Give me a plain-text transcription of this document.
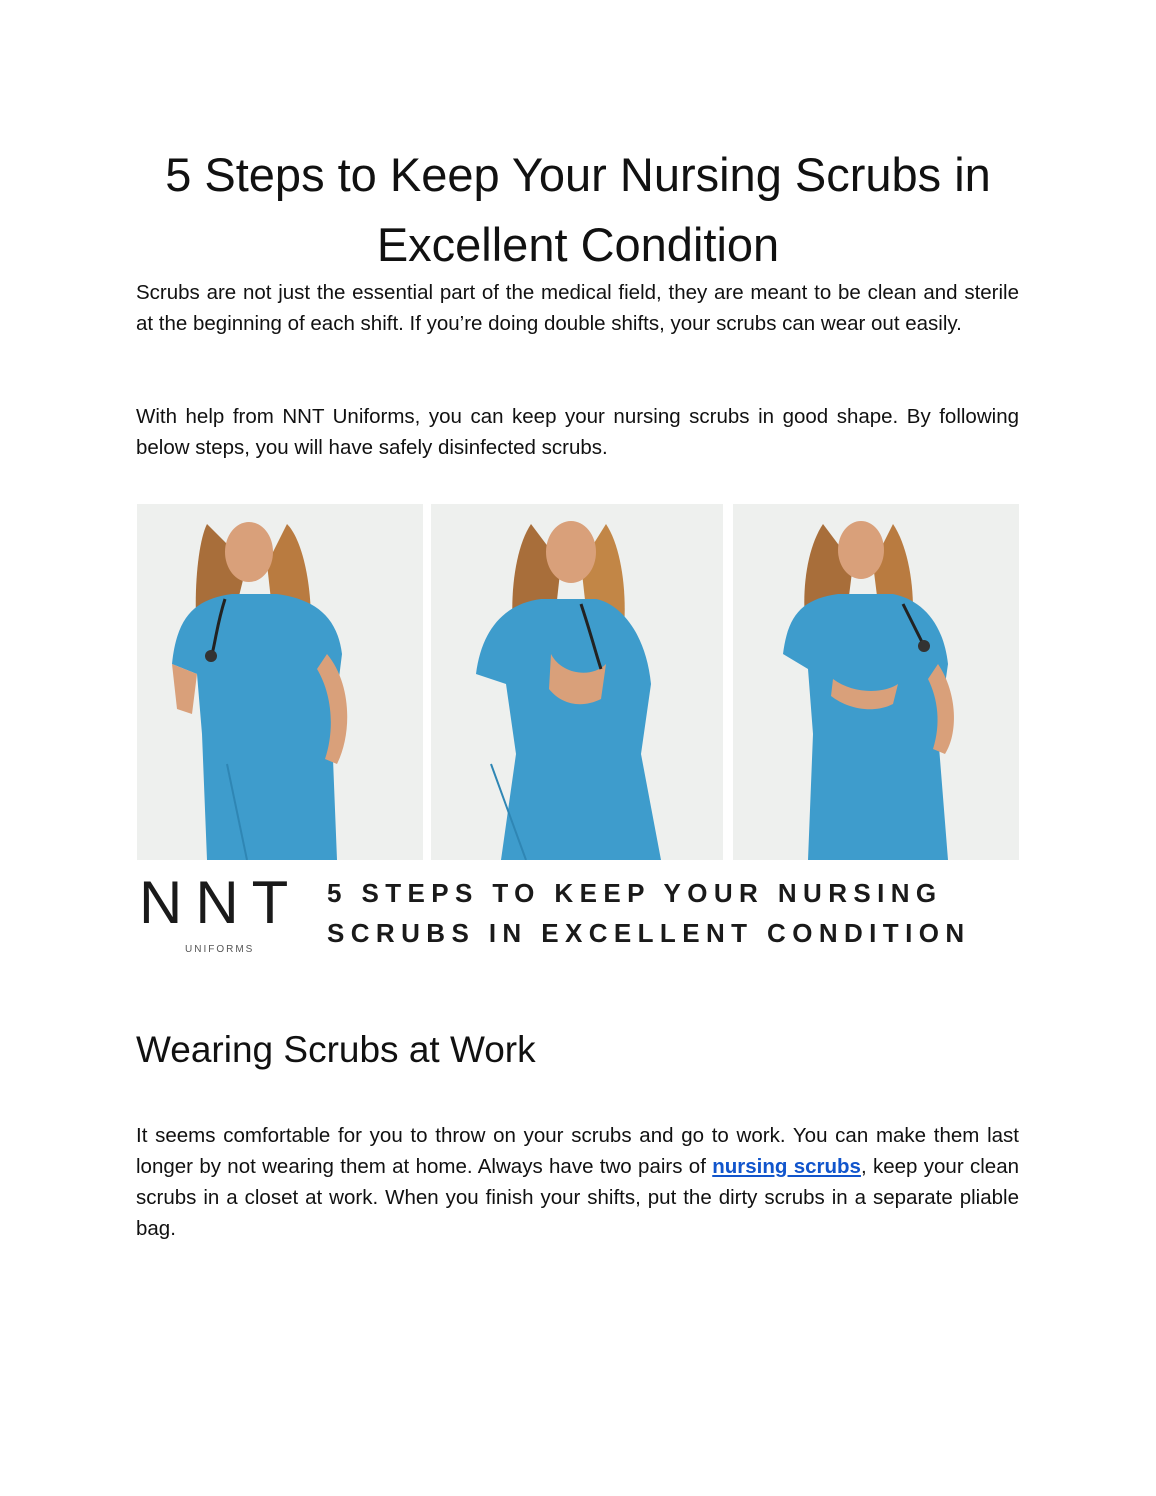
5 Steps to Keep Your Nursing Scrubs in Excellent Condition

Scrubs are not just the essential part of the medical field, they are meant to be clean and sterile at the beginning of each shift. If you’re doing double shifts, your scrubs can wear out easily.

With help from NNT Uniforms, you can keep your nursing scrubs in good shape. By following below steps, you will have safely disinfected scrubs.

NNT
UNIFORMS
5 STEPS TO KEEP YOUR NURSING
SCRUBS IN EXCELLENT CONDITION
Wearing Scrubs at Work

It seems comfortable for you to throw on your scrubs and go to work. You can make them last longer by not wearing them at home. Always have two pairs of nursing scrubs, keep your clean scrubs in a closet at work. When you finish your shifts, put the dirty scrubs in a separate pliable bag.
